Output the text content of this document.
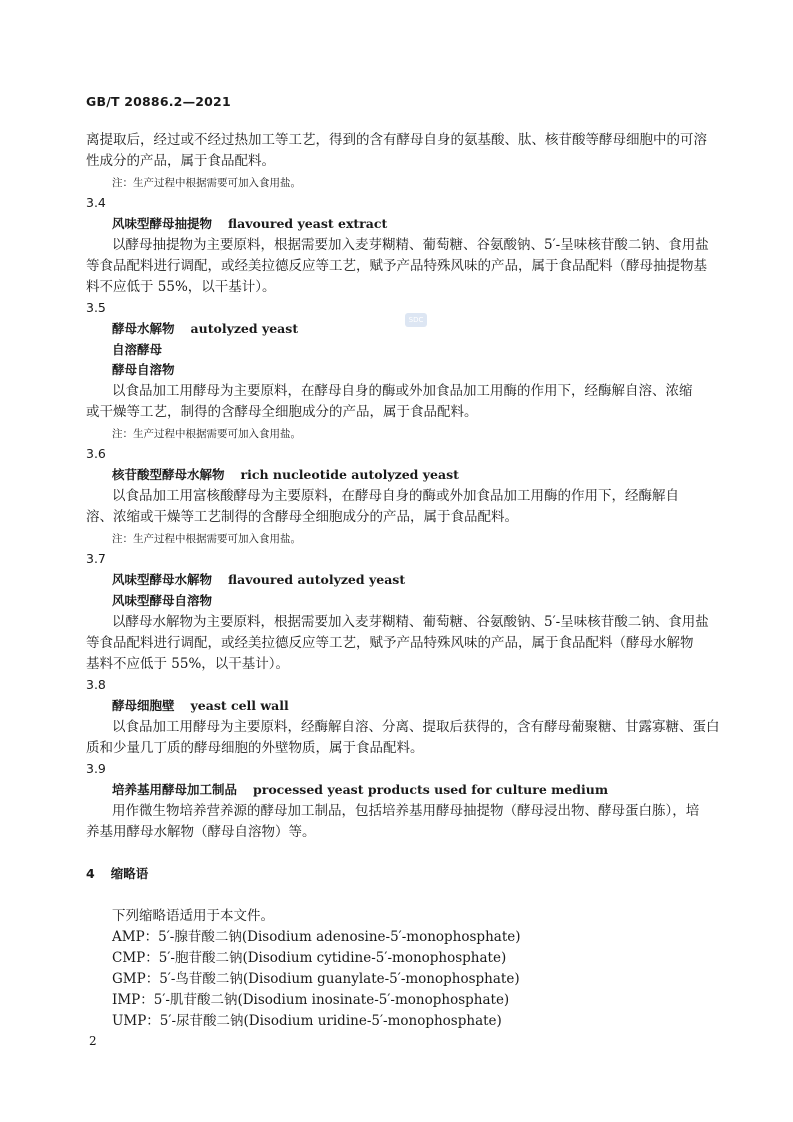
GB/T 20886.2—2021
SDC
离提取后，经过或不经过热加工等工艺，得到的含有酵母自身的氨基酸、肽、核苷酸等酵母细胞中的可溶
性成分的产品，属于食品配料。
注：生产过程中根据需要可加入食用盐。
3.4
风味型酵母抽提物 flavoured yeast extract
以酵母抽提物为主要原料，根据需要加入麦芽糊精、葡萄糖、谷氨酸钠、5′-呈味核苷酸二钠、食用盐
等食品配料进行调配，或经美拉德反应等工艺，赋予产品特殊风味的产品，属于食品配料（酵母抽提物基
料不应低于 55%，以干基计）。
3.5
酵母水解物 autolyzed yeast
自溶酵母
酵母自溶物
以食品加工用酵母为主要原料，在酵母自身的酶或外加食品加工用酶的作用下，经酶解自溶、浓缩
或干燥等工艺，制得的含酵母全细胞成分的产品，属于食品配料。
注：生产过程中根据需要可加入食用盐。
3.6
核苷酸型酵母水解物 rich nucleotide autolyzed yeast
以食品加工用富核酸酵母为主要原料，在酵母自身的酶或外加食品加工用酶的作用下，经酶解自
溶、浓缩或干燥等工艺制得的含酵母全细胞成分的产品，属于食品配料。
注：生产过程中根据需要可加入食用盐。
3.7
风味型酵母水解物 flavoured autolyzed yeast
风味型酵母自溶物
以酵母水解物为主要原料，根据需要加入麦芽糊精、葡萄糖、谷氨酸钠、5′-呈味核苷酸二钠、食用盐
等食品配料进行调配，或经美拉德反应等工艺，赋予产品特殊风味的产品，属于食品配料（酵母水解物
基料不应低于 55%，以干基计）。
3.8
酵母细胞壁 yeast cell wall
以食品加工用酵母为主要原料，经酶解自溶、分离、提取后获得的，含有酵母葡聚糖、甘露寡糖、蛋白
质和少量几丁质的酵母细胞的外壁物质，属于食品配料。
3.9
培养基用酵母加工制品 processed yeast products used for culture medium
用作微生物培养营养源的酵母加工制品，包括培养基用酵母抽提物（酵母浸出物、酵母蛋白胨），培
养基用酵母水解物（酵母自溶物）等。
4 缩略语
下列缩略语适用于本文件。
AMP：5′-腺苷酸二钠(Disodium adenosine-5′-monophosphate)
CMP：5′-胞苷酸二钠(Disodium cytidine-5′-monophosphate)
GMP：5′-鸟苷酸二钠(Disodium guanylate-5′-monophosphate)
IMP：5′-肌苷酸二钠(Disodium inosinate-5′-monophosphate)
UMP：5′-尿苷酸二钠(Disodium uridine-5′-monophosphate)
2
